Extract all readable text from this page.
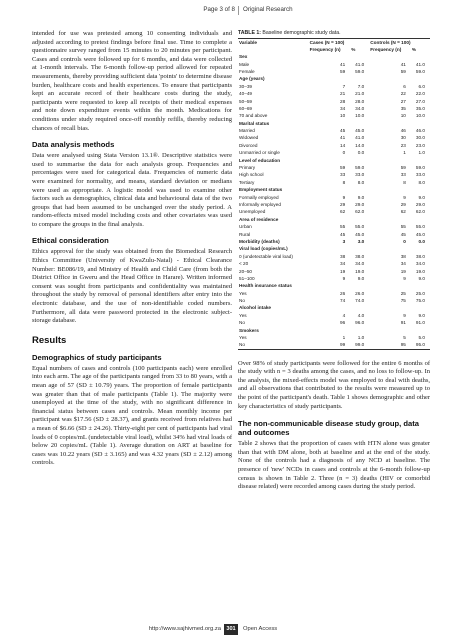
Page 3 of 8 Original Research

intended for use was pretested among 10 consenting individuals and adjusted according to pretest findings before final use. Time to complete a questionnaire survey ranged from 15 minutes to 20 minutes per participant. Cases and controls were followed up for 6 months, and data were collected at 1-month intervals. The 6-month follow-up period allowed for repeated measurements, thereby providing sufficient data 'points' to determine disease burden, healthcare costs and health experiences. To ensure that participants kept an accurate record of their healthcare costs during the study, participants were requested to keep all receipts of their medical expenses and note down expenditure events within the month. Medications for conditions under study required once-off monthly refills, thereby reducing chances of recall bias.

Data analysis methods

Data were analysed using Stata Version 13.1®. Descriptive statistics were used to summarise the data for each analysis group. Frequencies and percentages were used for categorical data. Frequencies of numeric data were examined for normality, and means, standard deviation or medians were used as appropriate. A logistic model was used to examine other factors such as demographics, clinical data and behavioural data of the two groups that had been assumed to be unchanged over the study period. A random-effects mixed model including costs and other covariates was used to compare the groups in the final analysis.

Ethical consideration

Ethics approval for the study was obtained from the Biomedical Research Ethics Committee (University of KwaZulu-Natal) - Ethical Clearance Number: BE086/19, and Ministry of Health and Child Care (from both the District Office in Gweru and the Head Office in Harare). Written informed consent was sought from participants and confidentiality was maintained throughout the study by removal of personal identifiers after entry into the electronic database, and the use of non-identifiable coded numbers. Furthermore, all data were password protected in the electronic subject-storage database.

Results
Demographics of study participants

Equal numbers of cases and controls (100 participants each) were enrolled into each arm. The age of the participants ranged from 33 to 80 years, with a mean age of 57 (SD ± 10.79) years. The proportion of female participants was greater than that of male participants (Table 1). The majority were unemployed at the time of the study, with no significant difference in financial status between cases and controls. Mean monthly income per participant was $17.56 (SD ± 28.37), and grants received from relatives had a mean of $6.66 (SD ± 24.26). Thirty-eight per cent of participants had viral loads of 0 copies/mL (undetectable viral load), whilst 34% had viral loads of below 20 copies/mL (Table 1). Average duration on ART at baseline for cases was 10.22 years (SD ± 3.165) and was 4.32 years (SD ± 2.12) among controls.

TABLE 1: Baseline demographic study data.
Variable	Cases (N = 100)		Controls (N = 100)	
	Frequency (n)	%	Frequency (n)	%
Sex				
Male	41	41.0	41	41.0
Female	59	59.0	59	59.0
Age (years)				
30–39	7	7.0	6	6.0
40–49	21	21.0	22	22.0
50–59	28	28.0	27	27.0
60–69	34	34.0	35	35.0
70 and above	10	10.0	10	10.0
Marital status				
Married	45	45.0	46	46.0
Widowed	41	41.0	30	30.0
Divorced	14	14.0	23	23.0
Unmarried or single	0	0.0	1	1.0
Level of education				
Primary	59	59.0	59	59.0
High school	33	33.0	33	33.0
Tertiary	8	8.0	8	8.0
Employment status				
Formally employed	9	9.0	9	9.0
Informally employed	29	29.0	29	29.0
Unemployed	62	62.0	62	62.0
Area of residence				
Urban	55	55.0	55	55.0
Rural	45	45.0	45	45.0
Morbidity (deaths)	3	3.0	0	0.0
Viral load (copies/mL)				
0 (undetectable viral load)	38	38.0	38	38.0
< 20	34	34.0	34	34.0
20–50	19	19.0	19	19.0
51–100	9	9.0	9	9.0
Health insurance status				
Yes	26	26.0	25	25.0
No	74	74.0	75	75.0
Alcohol intake				
Yes	4	4.0	9	9.0
No	96	96.0	91	91.0
Smokers				
Yes	1	1.0	5	5.0
No	99	99.0	95	95.0

Over 98% of study participants were followed for the entire 6 months of the study with n = 3 deaths among the cases, and no loss to follow-up. In the analysis, the mixed-effects model was employed to deal with deaths, and all observations that contributed to the results were measured up to the point of the participant's death. Table 1 shows demographic and other key characteristics of study participants.

The non-communicable disease study group, data and outcomes

Table 2 shows that the proportion of cases with HTN alone was greater than that with DM alone, both at baseline and at the end of the study. None of the controls had a diagnosis of any NCD at baseline. The presence of 'new' NCDs in cases and controls at the 6-month follow-up census is shown in Table 2. Three (n = 3) deaths (HIV or comorbid disease related) were recorded among cases during the study period.

http://www.sajhivmed.org.za 301	Open Access
